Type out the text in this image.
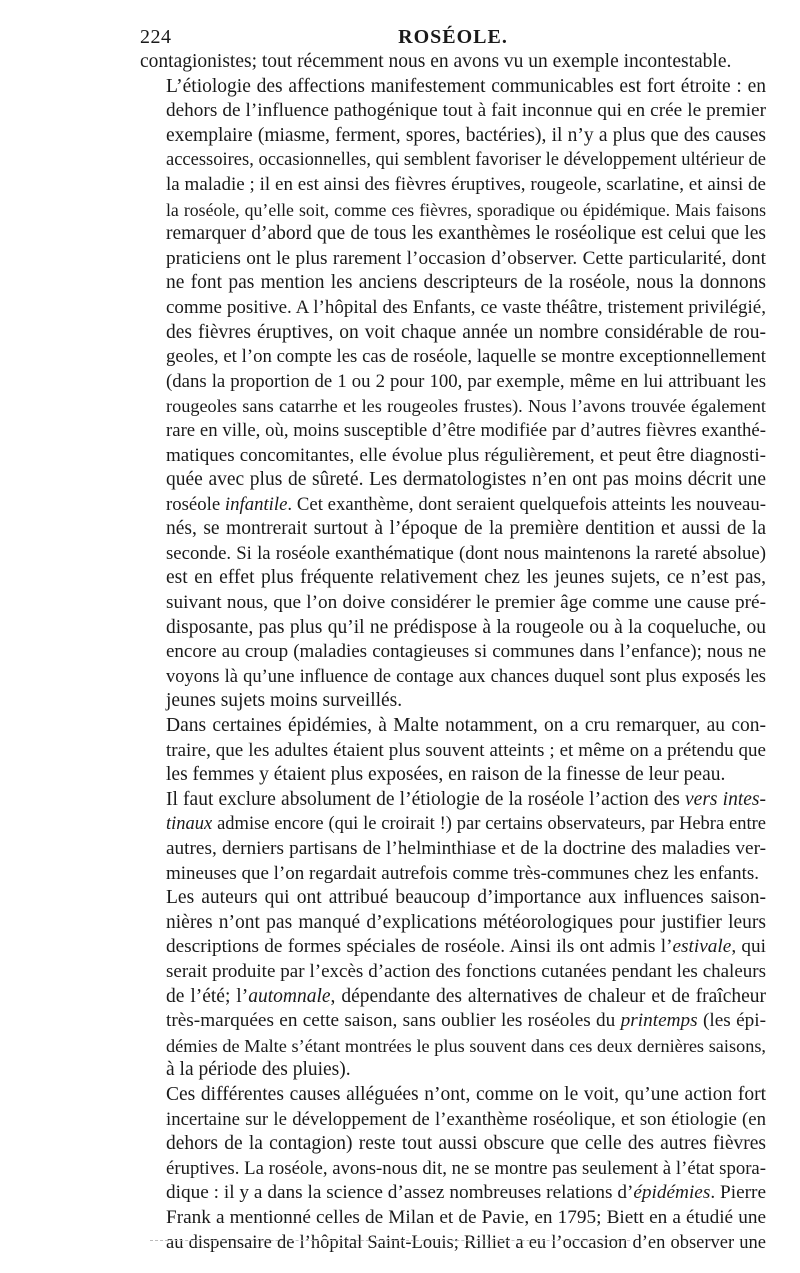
224	ROSÉOLE.
contagionistes; tout récemment nous en avons vu un exemple incontestable.
L’étiologie des affections manifestement communicables est fort étroite : en
dehors de l’influence pathogénique tout à fait inconnue qui en crée le premier
exemplaire (miasme, ferment, spores, bactéries), il n’y a plus que des causes
accessoires, occasionnelles, qui semblent favoriser le développement ultérieur de
la maladie ; il en est ainsi des fièvres éruptives, rougeole, scarlatine, et ainsi de
la roséole, qu’elle soit, comme ces fièvres, sporadique ou épidémique. Mais faisons
remarquer d’abord que de tous les exanthèmes le roséolique est celui que les
praticiens ont le plus rarement l’occasion d’observer. Cette particularité, dont
ne font pas mention les anciens descripteurs de la roséole, nous la donnons
comme positive. A l’hôpital des Enfants, ce vaste théâtre, tristement privilégié,
des fièvres éruptives, on voit chaque année un nombre considérable de rou-
geoles, et l’on compte les cas de roséole, laquelle se montre exceptionnellement
(dans la proportion de 1 ou 2 pour 100, par exemple, même en lui attribuant les
rougeoles sans catarrhe et les rougeoles frustes). Nous l’avons trouvée également
rare en ville, où, moins susceptible d’être modifiée par d’autres fièvres exanthé-
matiques concomitantes, elle évolue plus régulièrement, et peut être diagnosti-
quée avec plus de sûreté. Les dermatologistes n’en ont pas moins décrit une
roséole infantile. Cet exanthème, dont seraient quelquefois atteints les nouveau-
nés, se montrerait surtout à l’époque de la première dentition et aussi de la
seconde. Si la roséole exanthématique (dont nous maintenons la rareté absolue)
est en effet plus fréquente relativement chez les jeunes sujets, ce n’est pas,
suivant nous, que l’on doive considérer le premier âge comme une cause pré-
disposante, pas plus qu’il ne prédispose à la rougeole ou à la coqueluche, ou
encore au croup (maladies contagieuses si communes dans l’enfance); nous ne
voyons là qu’une influence de contage aux chances duquel sont plus exposés les
jeunes sujets moins surveillés.
Dans certaines épidémies, à Malte notamment, on a cru remarquer, au con-
traire, que les adultes étaient plus souvent atteints ; et même on a prétendu que
les femmes y étaient plus exposées, en raison de la finesse de leur peau.
Il faut exclure absolument de l’étiologie de la roséole l’action des vers intes-
tinaux admise encore (qui le croirait !) par certains observateurs, par Hebra entre
autres, derniers partisans de l’helminthiase et de la doctrine des maladies ver-
mineuses que l’on regardait autrefois comme très-communes chez les enfants.
Les auteurs qui ont attribué beaucoup d’importance aux influences saison-
nières n’ont pas manqué d’explications météorologiques pour justifier leurs
descriptions de formes spéciales de roséole. Ainsi ils ont admis l’estivale, qui
serait produite par l’excès d’action des fonctions cutanées pendant les chaleurs
de l’été; l’automnale, dépendante des alternatives de chaleur et de fraîcheur
très-marquées en cette saison, sans oublier les roséoles du printemps (les épi-
démies de Malte s’étant montrées le plus souvent dans ces deux dernières saisons,
à la période des pluies).
Ces différentes causes alléguées n’ont, comme on le voit, qu’une action fort
incertaine sur le développement de l’exanthème roséolique, et son étiologie (en
dehors de la contagion) reste tout aussi obscure que celle des autres fièvres
éruptives. La roséole, avons-nous dit, ne se montre pas seulement à l’état spora-
dique : il y a dans la science d’assez nombreuses relations d’épidémies. Pierre
Frank a mentionné celles de Milan et de Pavie, en 1795; Biett en a étudié une
au dispensaire de l’hôpital Saint-Louis; Rilliet a eu l’occasion d’en observer une
